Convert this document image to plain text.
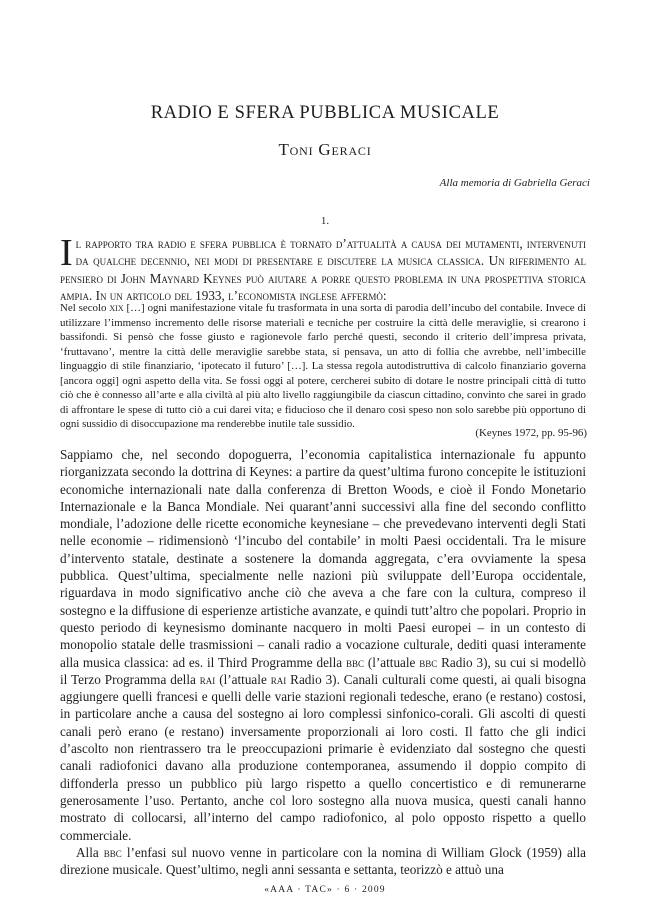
RADIO E SFERA PUBBLICA MUSICALE
Toni Geraci
Alla memoria di Gabriella Geraci
1.

Il rapporto tra radio e sfera pubblica è tornato d’attualità a causa dei mutamenti, intervenuti da qualche decennio, nei modi di presentare e discutere la musica classica. Un riferimento al pensiero di John Maynard Keynes può aiutare a porre questo problema in una prospettiva storica ampia. In un articolo del 1933, l’economista inglese affermò:

Nel secolo xix […] ogni manifestazione vitale fu trasformata in una sorta di parodia dell’incubo del contabile. Invece di utilizzare l’immenso incremento delle risorse materiali e tecniche per costruire la città delle meraviglie, si crearono i bassifondi. Si pensò che fosse giusto e ragionevole farlo perché questi, secondo il criterio dell’impresa privata, ‘fruttavano’, mentre la città delle meraviglie sarebbe stata, si pensava, un atto di follia che avrebbe, nell’imbecille linguaggio di stile finanziario, ‘ipotecato il futuro’ […]. La stessa regola autodistruttiva di calcolo finanziario governa [ancora oggi] ogni aspetto della vita. Se fossi oggi al potere, cercherei subito di dotare le nostre principali città di tutto ciò che è connesso all’arte e alla civiltà al più alto livello raggiungibile da ciascun cittadino, convinto che sarei in grado di affrontare le spese di tutto ciò a cui darei vita; e fiducioso che il denaro così speso non solo sarebbe più opportuno di ogni sussidio di disoccupazione ma renderebbe inutile tale sussidio.

(Keynes 1972, pp. 95-96)

Sappiamo che, nel secondo dopoguerra, l’economia capitalistica internazionale fu appunto riorganizzata secondo la dottrina di Keynes: a partire da quest’ultima furono concepite le istituzioni economiche internazionali nate dalla conferenza di Bretton Woods, e cioè il Fondo Monetario Internazionale e la Banca Mondiale. Nei quarant’anni successivi alla fine del secondo conflitto mondiale, l’adozione delle ricette economiche keynesiane – che prevedevano interventi degli Stati nelle economie – ridimensionò ‘l’incubo del contabile’ in molti Paesi occidentali. Tra le misure d’intervento statale, destinate a sostenere la domanda aggregata, c’era ovviamente la spesa pubblica. Quest’ultima, specialmente nelle nazioni più sviluppate dell’Europa occidentale, riguardava in modo significativo anche ciò che aveva a che fare con la cultura, compreso il sostegno e la diffusione di esperienze artistiche avanzate, e quindi tutt’altro che popolari. Proprio in questo periodo di keynesismo dominante nacquero in molti Paesi europei – in un contesto di monopolio statale delle trasmissioni – canali radio a vocazione culturale, dediti quasi interamente alla musica classica: ad es. il Third Programme della bbc (l’attuale bbc Radio 3), su cui si modellò il Terzo Programma della rai (l’attuale rai Radio 3). Canali culturali come questi, ai quali bisogna aggiungere quelli francesi e quelli delle varie stazioni regionali tedesche, erano (e restano) costosi, in particolare anche a causa del sostegno ai loro complessi sinfonico-corali. Gli ascolti di questi canali però erano (e restano) inversamente proporzionali ai loro costi. Il fatto che gli indici d’ascolto non rientrassero tra le preoccupazioni primarie è evidenziato dal sostegno che questi canali radiofonici davano alla produzione contemporanea, assumendo il doppio compito di diffonderla presso un pubblico più largo rispetto a quello concertistico e di remunerarne generosamente l’uso. Pertanto, anche col loro sostegno alla nuova musica, questi canali hanno mostrato di collocarsi, all’interno del campo radiofonico, al polo opposto rispetto a quello commerciale.

Alla bbc l’enfasi sul nuovo venne in particolare con la nomina di William Glock (1959) alla direzione musicale. Quest’ultimo, negli anni sessanta e settanta, teorizzò e attuò una

«AAA · TAC» · 6 · 2009
